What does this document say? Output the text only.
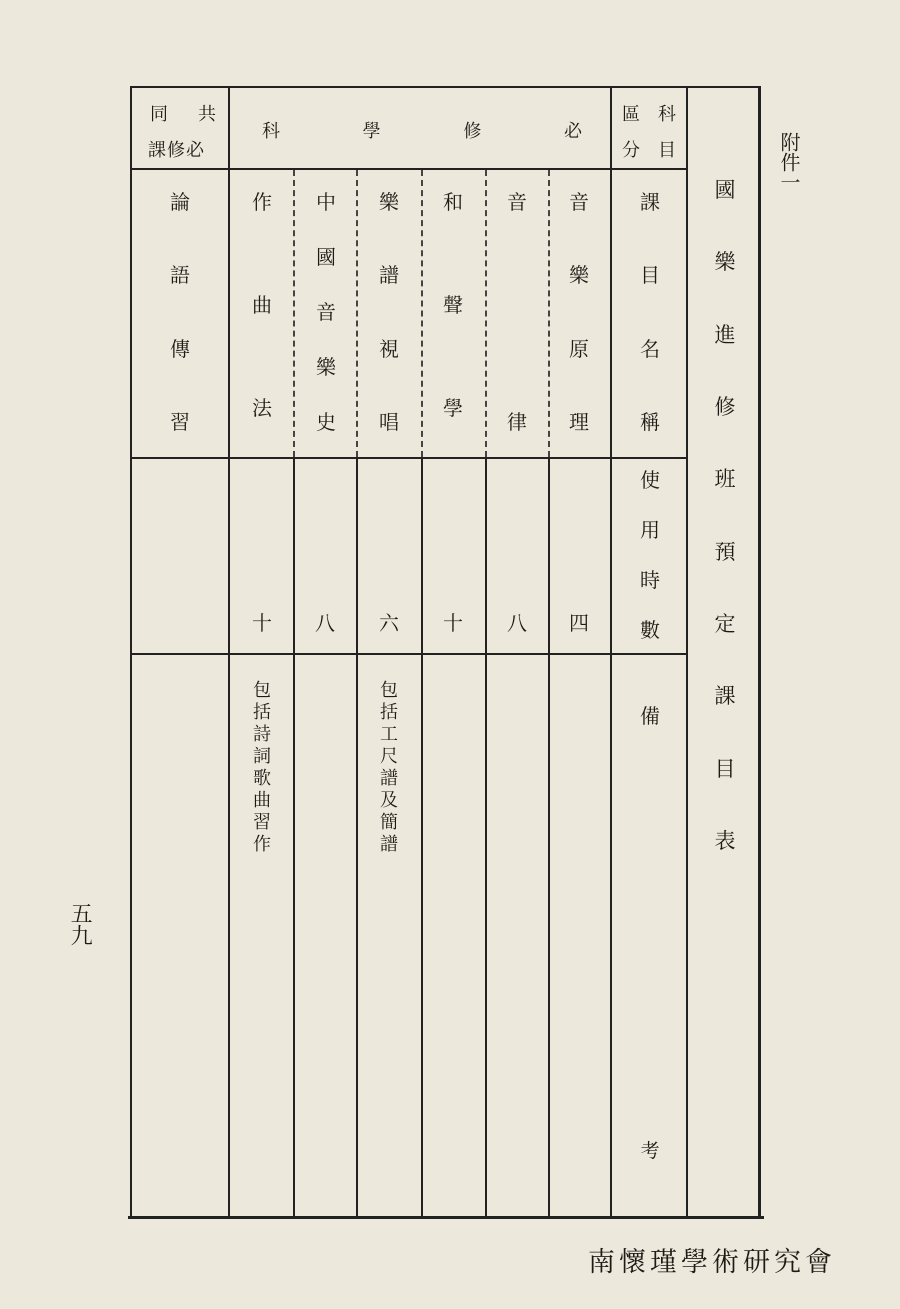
附件一
五九
南懷瑾學術研究會
國
樂
進
修
班
預
定
課
目
表
區 科
分 目
必
修
學
科
同 共
課 修 必
課
目
名
稱
使
用
時
數
備
考
音
樂
原
理
音
律
和
聲
學
樂
譜
視
唱
中
國
音
樂
史
作
曲
法
論
語
傳
習
四
八
十
六
八
十
包
括
工
尺
譜
及
簡
譜
包
括
詩
詞
歌
曲
習
作
